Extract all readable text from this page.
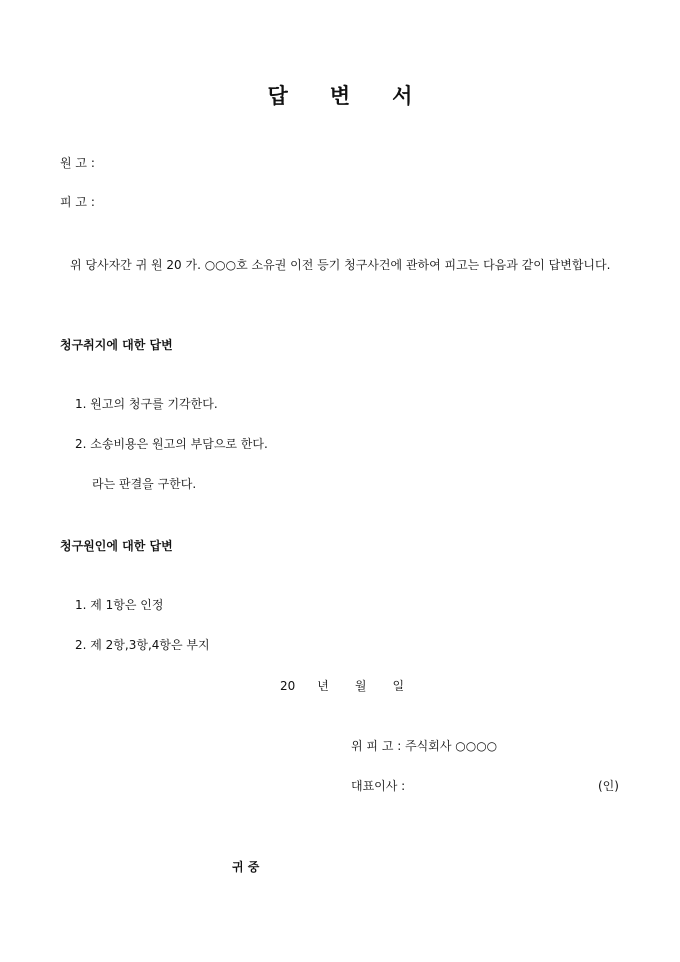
답 변 서
원 고 :
피 고 :
위 당사자간 귀 원 20 가. ○○○호 소유권 이전 등기 청구사건에 관하여 피고는 다음과 같이 답변합니다.
청구취지에 대한 답변
1. 원고의 청구를 기각한다.
2. 소송비용은 원고의 부담으로 한다.
라는 판결을 구한다.
청구원인에 대한 답변
1. 제 1항은 인정
2. 제 2항,3항,4항은 부지
20 년 월 일
위 피 고 : 주식회사 ○○○○
대표이사 :	(인)
귀 중
